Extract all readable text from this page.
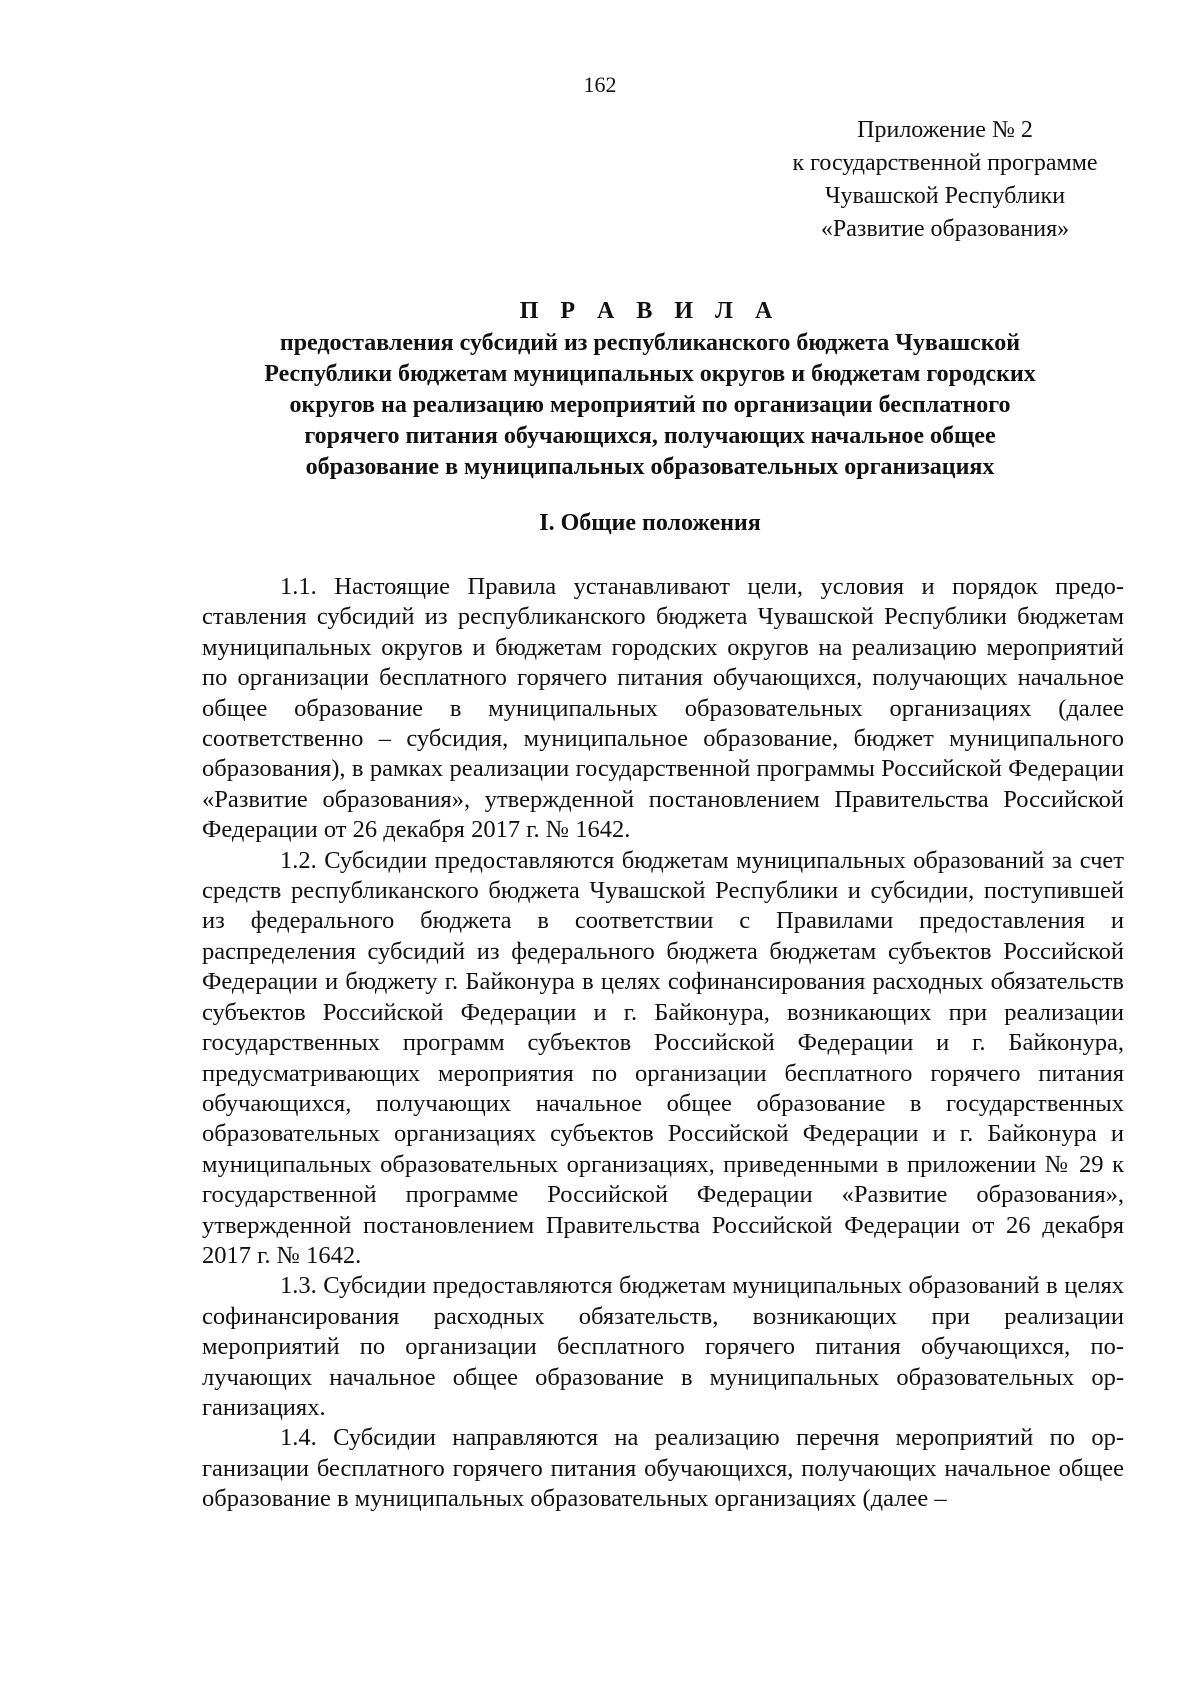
162
Приложение № 2
к государственной программе
Чувашской Республики
«Развитие образования»
П Р А В И Л А
предоставления субсидий из республиканского бюджета Чувашской
Республики бюджетам муниципальных округов и бюджетам городских
округов на реализацию мероприятий по организации бесплатного
горячего питания обучающихся, получающих начальное общее
образование в муниципальных образовательных организациях
I. Общие положения

1.1. Настоящие Правила устанавливают цели, условия и порядок предоставления субсидий из республиканского бюджета Чувашской Республики бюджетам муниципальных округов и бюджетам городских округов на реализацию мероприятий по организации бесплатного горячего питания обучающихся, получающих начальное общее образование в муниципальных образовательных организациях (далее соответственно – субсидия, муниципальное образование, бюджет муниципального образования), в рамках реализации государственной программы Российской Федерации «Развитие образования», утвержденной постановлением Правительства Российской Федерации от 26 декабря 2017 г. № 1642.

1.2. Субсидии предоставляются бюджетам муниципальных образований за счет средств республиканского бюджета Чувашской Республики и субсидии, поступившей из федерального бюджета в соответствии с Правилами предоставления и распределения субсидий из федерального бюджета бюджетам субъектов Российской Федерации и бюджету г. Байконура в целях софинансирования расходных обязательств субъектов Российской Федерации и г. Байконура, возникающих при реализации государственных программ субъектов Российской Федерации и г. Байконура, предусматривающих мероприятия по организации бесплатного горячего питания обучающихся, получающих начальное общее образование в государственных образовательных организациях субъектов Российской Федерации и г. Байконура и муниципальных образовательных организациях, приведенными в приложении № 29 к государственной программе Российской Федерации «Развитие образования», утвержденной постановлением Правительства Российской Федерации от 26 декабря 2017 г. № 1642.

1.3. Субсидии предоставляются бюджетам муниципальных образований в целях софинансирования расходных обязательств, возникающих при реализации мероприятий по организации бесплатного горячего питания обучающихся, получающих начальное общее образование в муниципальных образовательных организациях.

1.4. Субсидии направляются на реализацию перечня мероприятий по организации бесплатного горячего питания обучающихся, получающих начальное общее образование в муниципальных образовательных организациях (далее –
